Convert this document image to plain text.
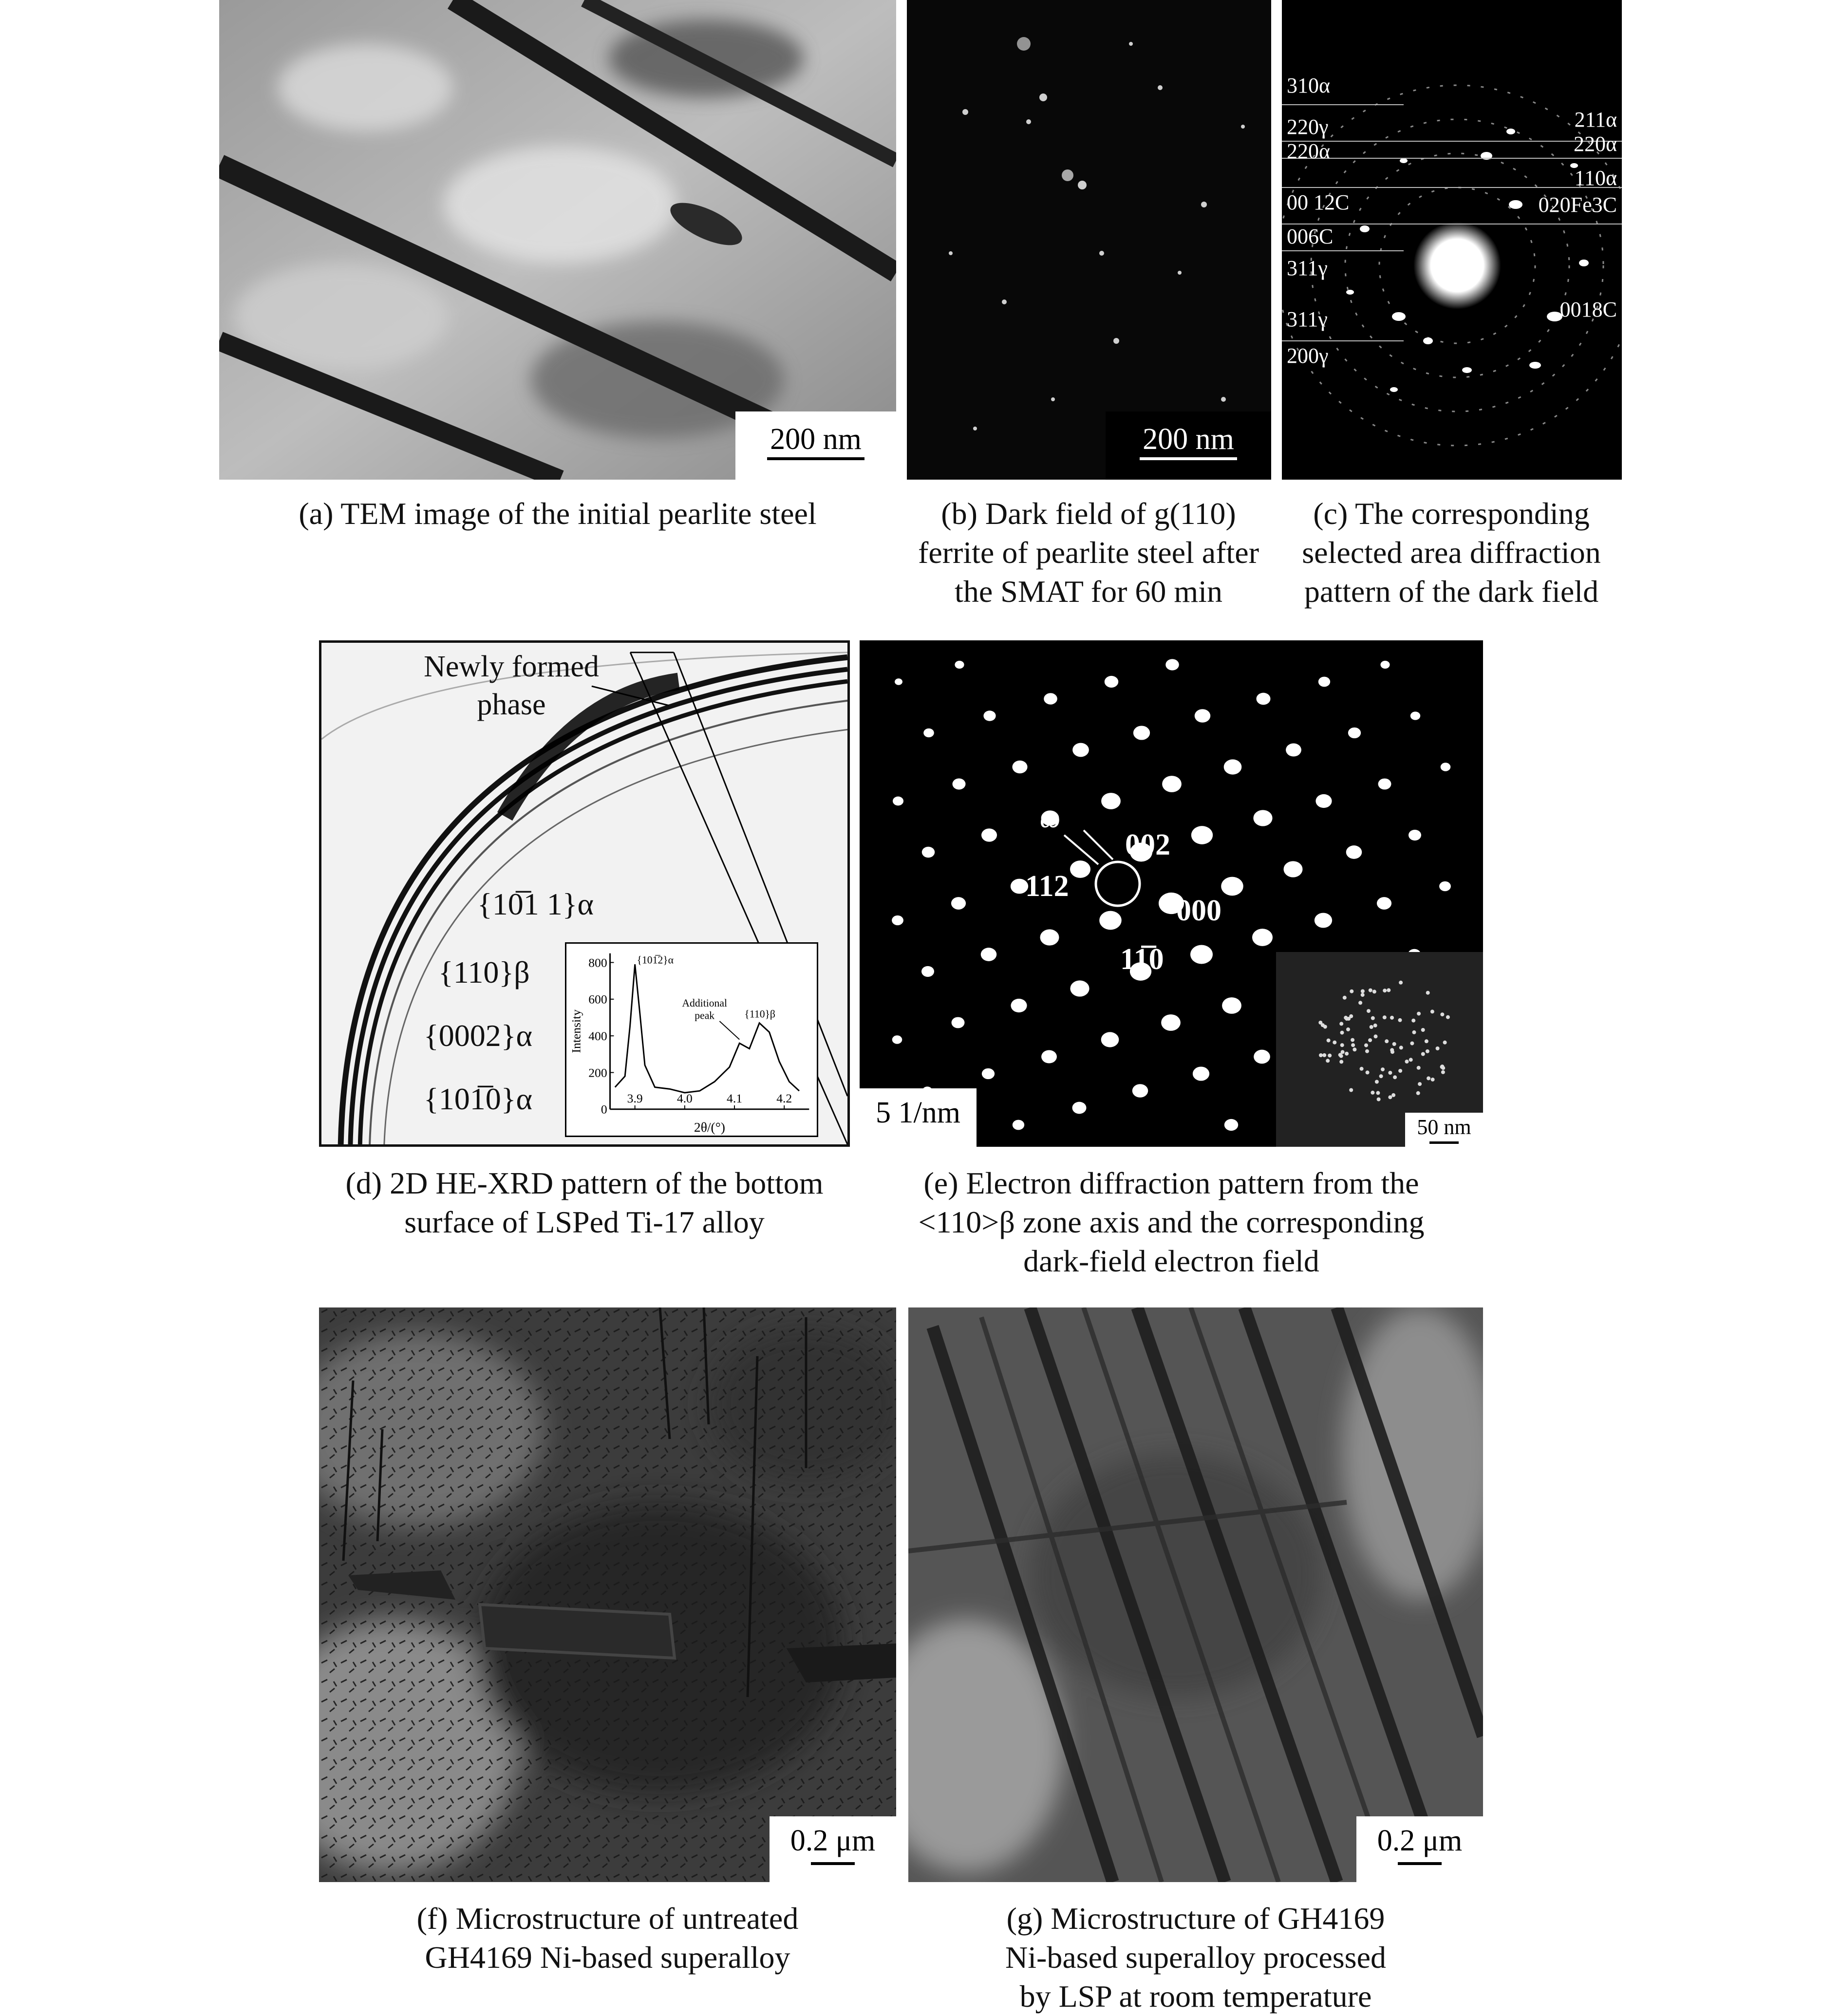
200 nm
(a) TEM image of the initial pearlite steel
200 nm
(b) Dark field of g(110)
ferrite of pearlite steel after
the SMAT for 60 min
310α
220γ
220α
00 12C
006C
311γ
311γ
200γ
211α
220α
110α
020Fe3C
0018C
(c) The corresponding
selected area diffraction
pattern of the dark field
Newly formed
phase
{10̅1 1}α
{110}β
{0002}α
{101̅0}α	0
200
400
600
800
3.9	4.0	4.1	4.2
2θ/(°)
Intensity
{101̅2}α
{110}β
Additional
peak
(d) 2D HE-XRD pattern of the bottom
surface of LSPed Ti-17 alloy
ω
002
112
000
11̅0
5 1/nm	50 nm
(e) Electron diffraction pattern from the
<110>β zone axis and the corresponding
dark-field electron field
0.2 μm
(f) Microstructure of untreated
GH4169 Ni-based superalloy
0.2 μm
(g) Microstructure of GH4169
Ni-based superalloy processed
by LSP at room temperature
